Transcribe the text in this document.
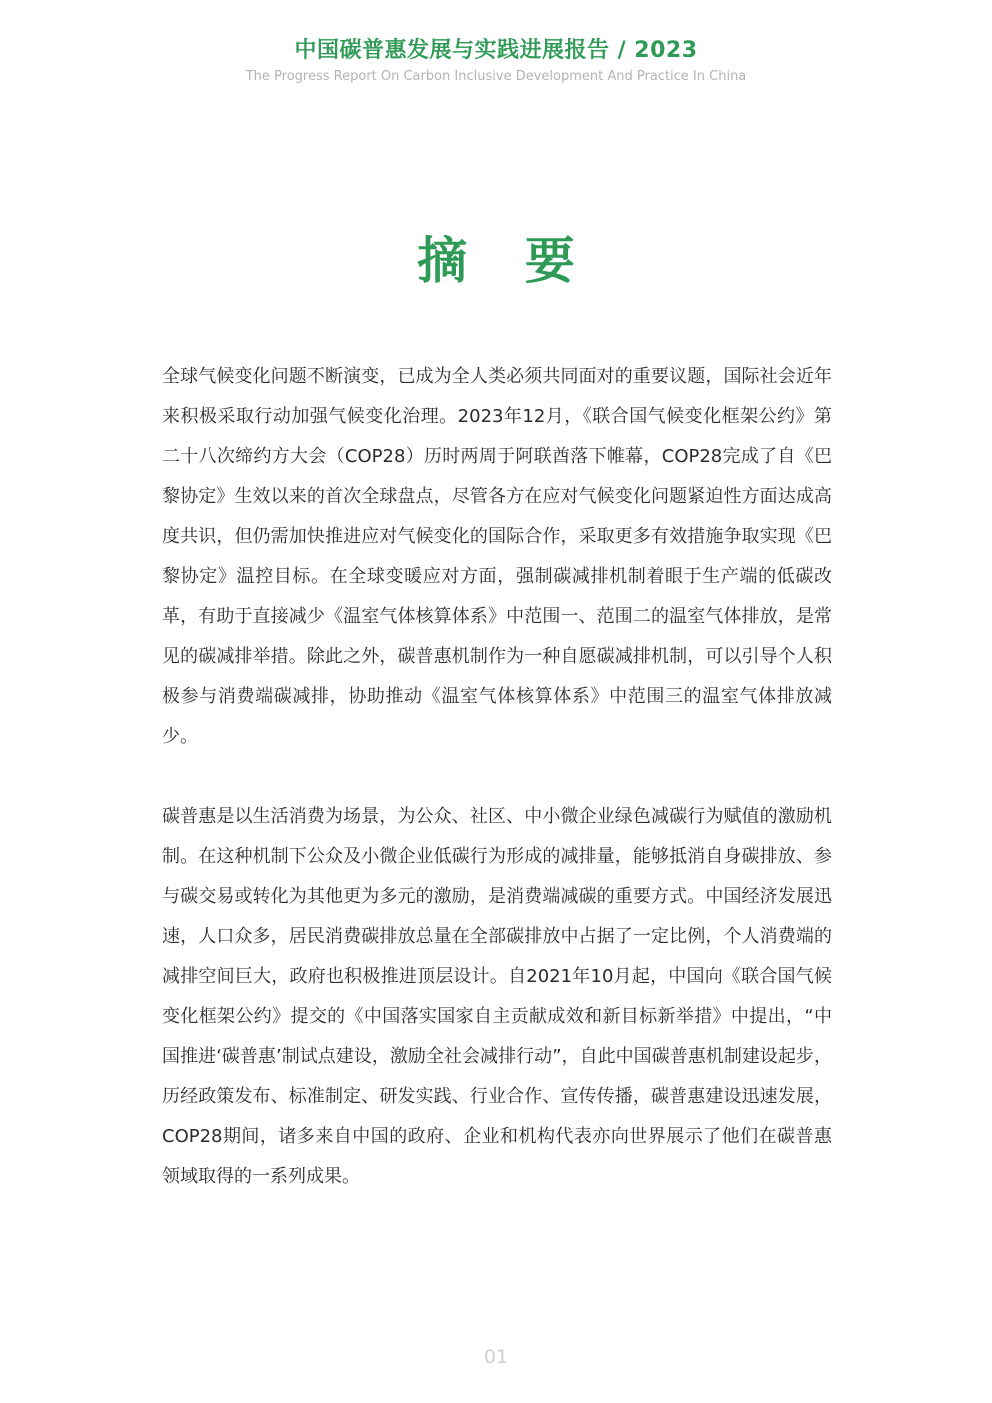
中国碳普惠发展与实践进展报告 / 2023
The Progress Report On Carbon Inclusive Development And Practice In China
摘 要

全球气候变化问题不断演变，已成为全人类必须共同面对的重要议题，国际社会近年来积极采取行动加强气候变化治理。2023年12月，《联合国气候变化框架公约》第二十八次缔约方大会（COP28）历时两周于阿联酋落下帷幕，COP28完成了自《巴黎协定》生效以来的首次全球盘点，尽管各方在应对气候变化问题紧迫性方面达成高度共识，但仍需加快推进应对气候变化的国际合作，采取更多有效措施争取实现《巴黎协定》温控目标。在全球变暖应对方面，强制碳减排机制着眼于生产端的低碳改革，有助于直接减少《温室气体核算体系》中范围一、范围二的温室气体排放，是常见的碳减排举措。除此之外，碳普惠机制作为一种自愿碳减排机制，可以引导个人积极参与消费端碳减排，协助推动《温室气体核算体系》中范围三的温室气体排放减少。

碳普惠是以生活消费为场景，为公众、社区、中小微企业绿色减碳行为赋值的激励机制。在这种机制下公众及小微企业低碳行为形成的减排量，能够抵消自身碳排放、参与碳交易或转化为其他更为多元的激励，是消费端减碳的重要方式。中国经济发展迅速，人口众多，居民消费碳排放总量在全部碳排放中占据了一定比例，个人消费端的减排空间巨大，政府也积极推进顶层设计。自2021年10月起，中国向《联合国气候变化框架公约》提交的《中国落实国家自主贡献成效和新目标新举措》中提出，“中国推进‘碳普惠’制试点建设，激励全社会减排行动”，自此中国碳普惠机制建设起步，历经政策发布、标准制定、研发实践、行业合作、宣传传播，碳普惠建设迅速发展，COP28期间，诸多来自中国的政府、企业和机构代表亦向世界展示了他们在碳普惠领域取得的一系列成果。

01
